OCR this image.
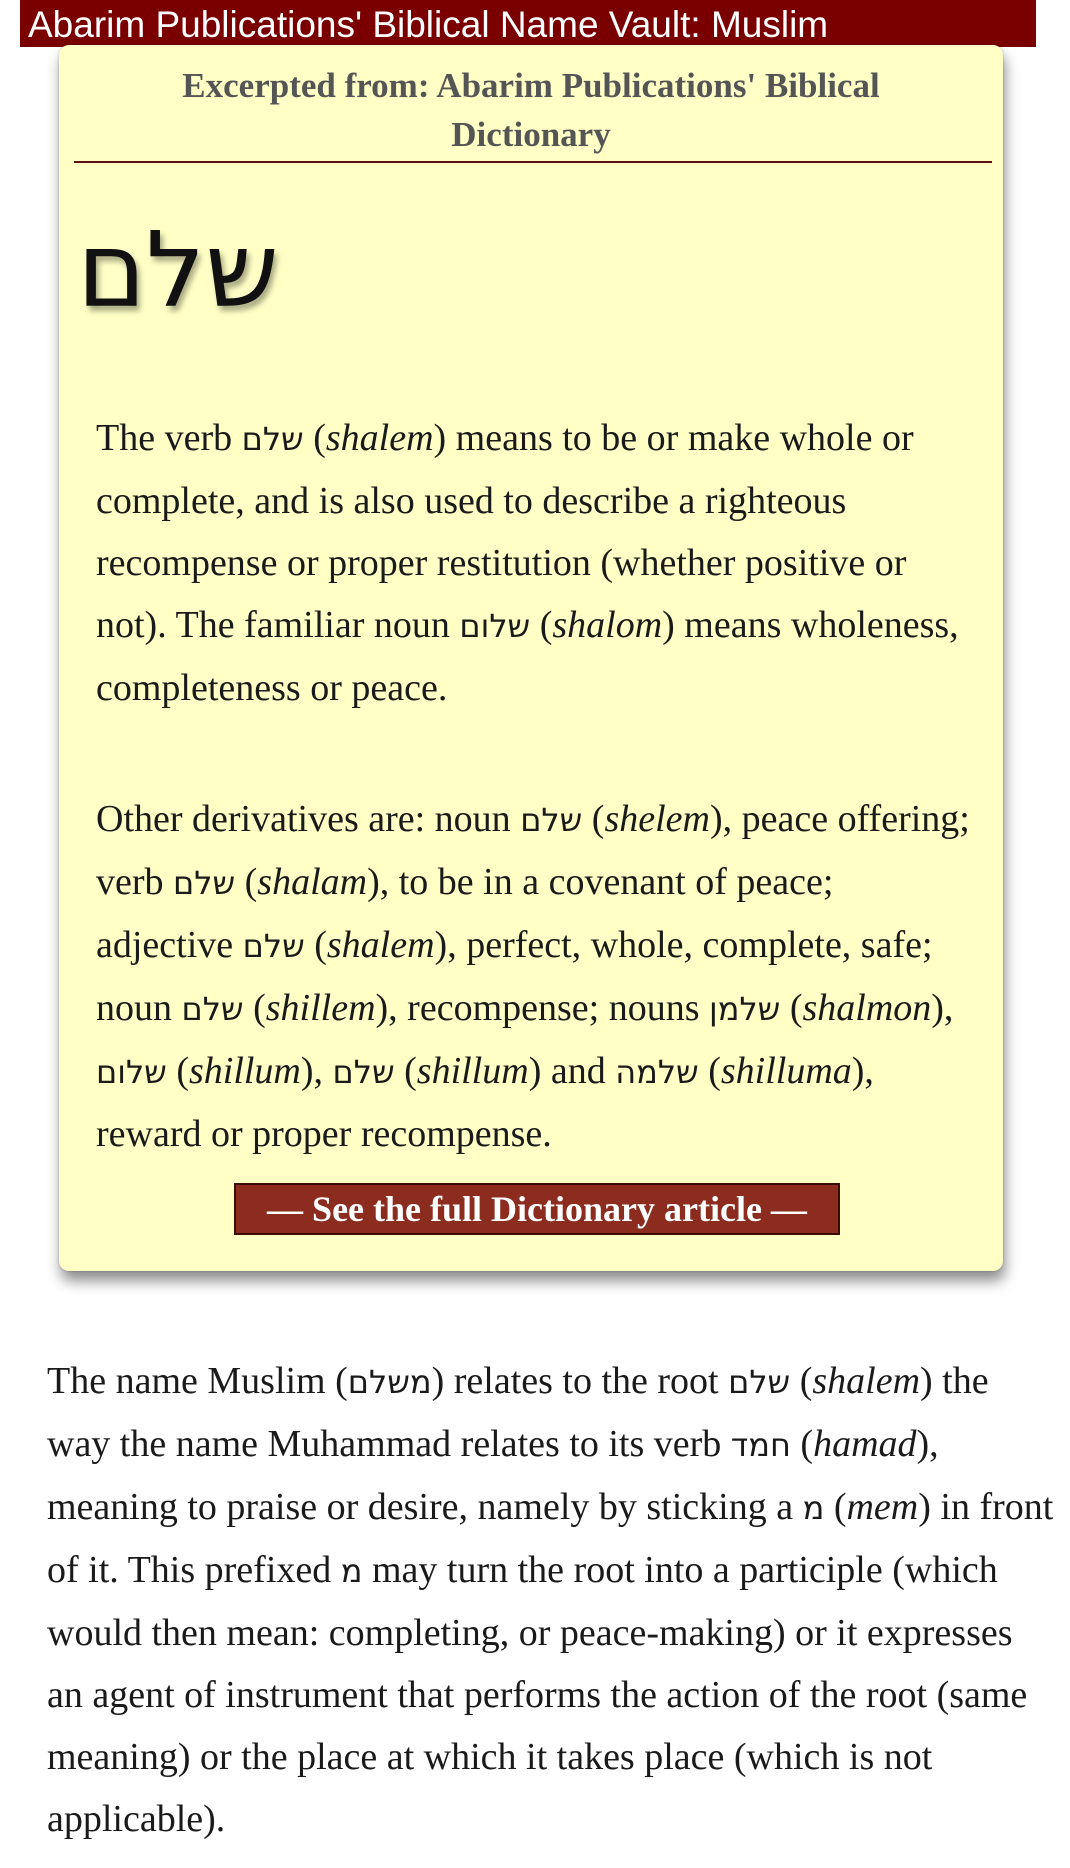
Abarim Publications' Biblical Name Vault: Muslim
Excerpted from: Abarim Publications' Biblical Dictionary
שלם

The verb שלם (shalem) means to be or make whole or complete, and is also used to describe a righteous recompense or proper restitution (whether positive or not). The familiar noun שלום (shalom) means wholeness, completeness or peace.

Other derivatives are: noun שלם (shelem), peace offering; verb שלם (shalam), to be in a covenant of peace; adjective שלם (shalem), perfect, whole, complete, safe; noun שלם (shillem), recompense; nouns שלמן (shalmon), שלום (shillum), שלם (shillum) and שלמה (shilluma), reward or proper recompense.

— See the full Dictionary article —

The name Muslim (משלם) relates to the root שלם (shalem) the way the name Muhammad relates to its verb חמד (hamad), meaning to praise or desire, namely by sticking a מ (mem) in front of it. This prefixed מ may turn the root into a participle (which would then mean: completing, or peace-making) or it expresses an agent of instrument that performs the action of the root (same meaning) or the place at which it takes place (which is not applicable).
